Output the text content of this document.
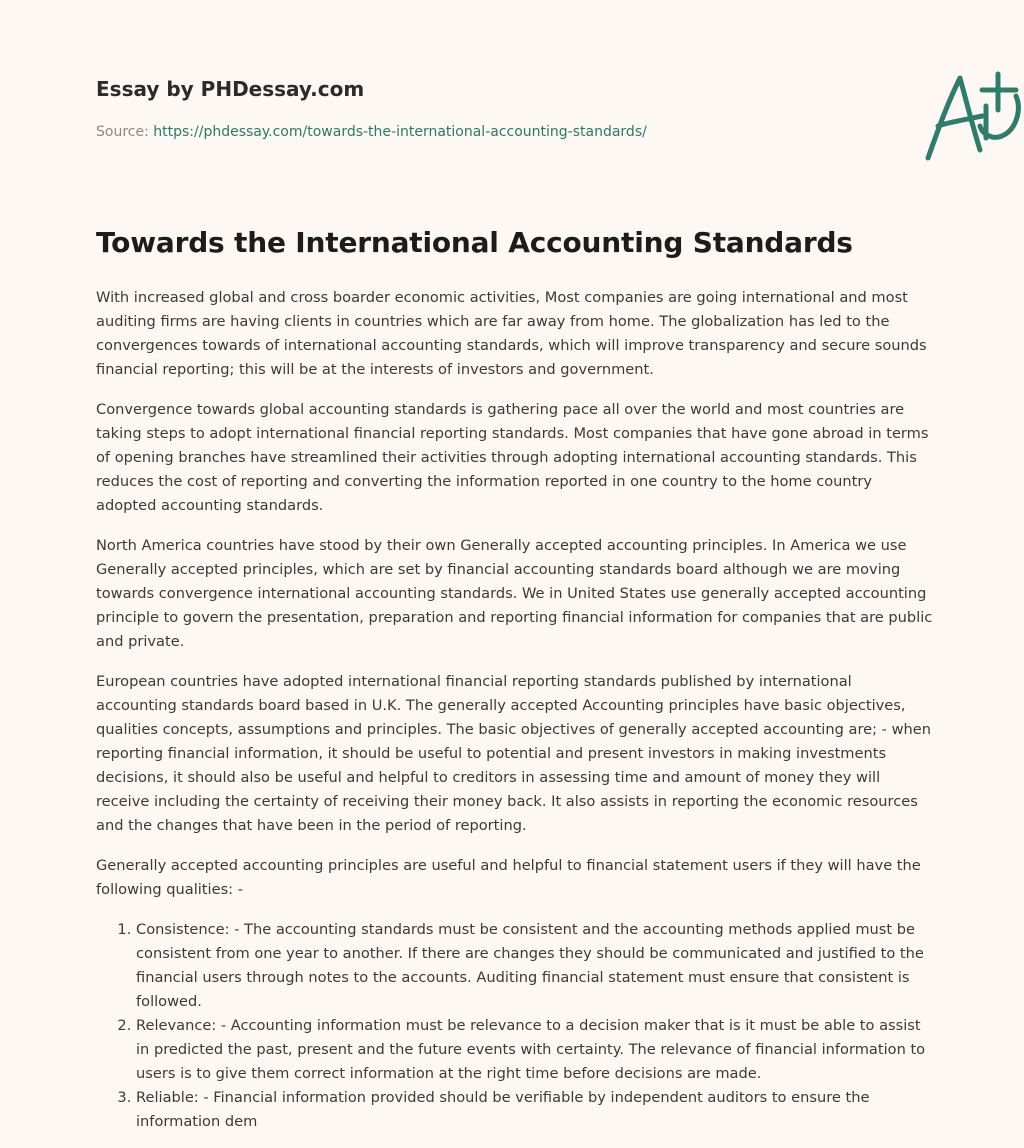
Essay by PHDessay.com
Source: https://phdessay.com/towards-the-international-accounting-standards/
Towards the International Accounting Standards

With increased global and cross boarder economic activities, Most companies are going international and most auditing firms are having clients in countries which are far away from home. The globalization has led to the convergences towards of international accounting standards, which will improve transparency and secure sounds financial reporting; this will be at the interests of investors and government.

Convergence towards global accounting standards is gathering pace all over the world and most countries are taking steps to adopt international financial reporting standards. Most companies that have gone abroad in terms of opening branches have streamlined their activities through adopting international accounting standards. This reduces the cost of reporting and converting the information reported in one country to the home country adopted accounting standards.

North America countries have stood by their own Generally accepted accounting principles. In America we use Generally accepted principles, which are set by financial accounting standards board although we are moving towards convergence international accounting standards. We in United States use generally accepted accounting principle to govern the presentation, preparation and reporting financial information for companies that are public and private.

European countries have adopted international financial reporting standards published by international accounting standards board based in U.K. The generally accepted Accounting principles have basic objectives, qualities concepts, assumptions and principles. The basic objectives of generally accepted accounting are; - when reporting financial information, it should be useful to potential and present investors in making investments decisions, it should also be useful and helpful to creditors in assessing time and amount of money they will receive including the certainty of receiving their money back. It also assists in reporting the economic resources and the changes that have been in the period of reporting.

Generally accepted accounting principles are useful and helpful to financial statement users if they will have the following qualities: -

1. Consistence: - The accounting standards must be consistent and the accounting methods applied must be consistent from one year to another. If there are changes they should be communicated and justified to the financial users through notes to the accounts. Auditing financial statement must ensure that consistent is followed.
2. Relevance: - Accounting information must be relevance to a decision maker that is it must be able to assist in predicted the past, present and the future events with certainty. The relevance of financial information to users is to give them correct information at the right time before decisions are made.
3. Reliable: - Financial information provided should be verifiable by independent auditors to ensure the information dem
